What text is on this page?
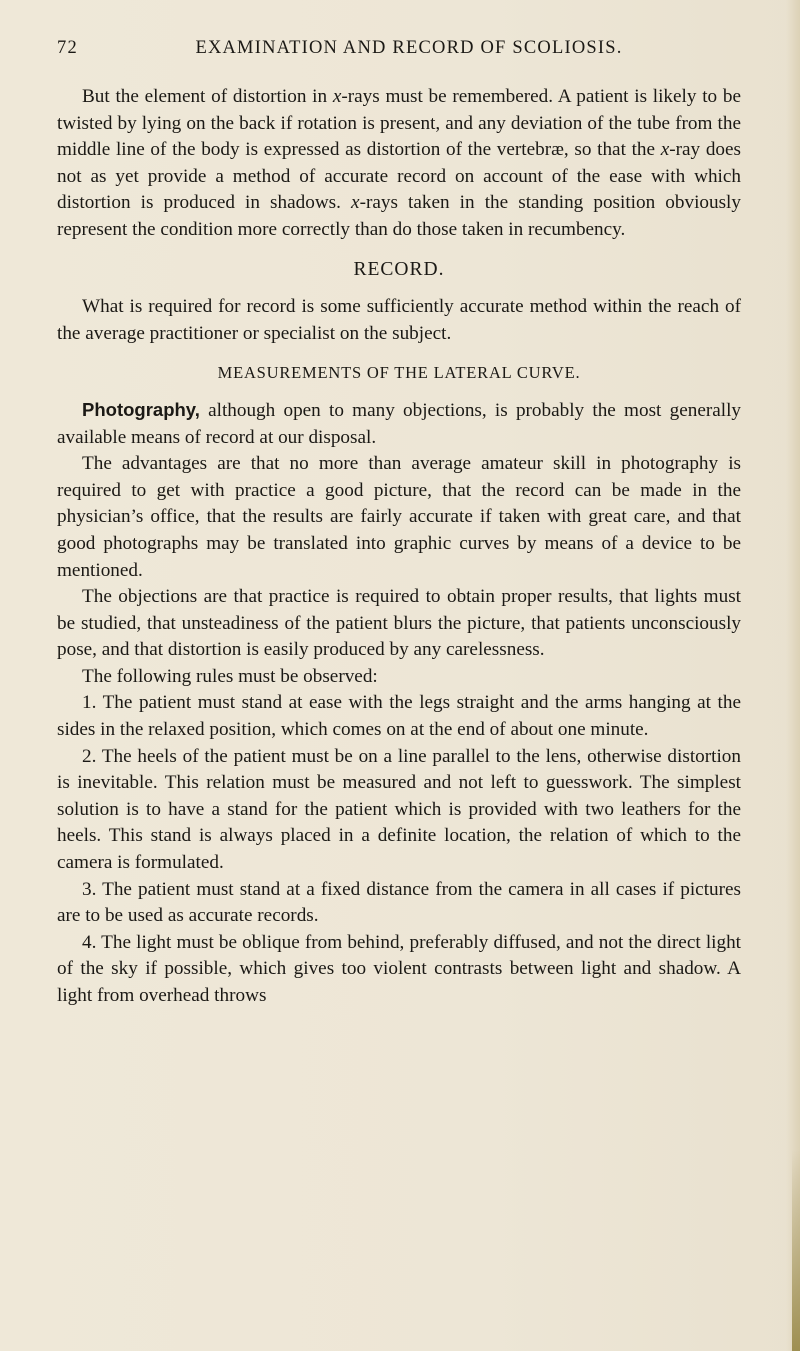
72	EXAMINATION AND RECORD OF SCOLIOSIS.

But the element of distortion in x-rays must be remembered. A patient is likely to be twisted by lying on the back if rotation is present, and any deviation of the tube from the middle line of the body is expressed as distortion of the vertebræ, so that the x-ray does not as yet provide a method of accurate record on account of the ease with which distortion is produced in shadows. x-rays taken in the standing position obviously represent the condition more correctly than do those taken in recumbency.

RECORD.

What is required for record is some sufficiently accurate method within the reach of the average practitioner or specialist on the subject.

MEASUREMENTS OF THE LATERAL CURVE.

Photography, although open to many objections, is probably the most generally available means of record at our disposal.

The advantages are that no more than average amateur skill in photography is required to get with practice a good picture, that the record can be made in the physician’s office, that the results are fairly accurate if taken with great care, and that good photographs may be translated into graphic curves by means of a device to be mentioned.

The objections are that practice is required to obtain proper results, that lights must be studied, that unsteadiness of the patient blurs the picture, that patients unconsciously pose, and that distortion is easily produced by any carelessness.

The following rules must be observed:

1. The patient must stand at ease with the legs straight and the arms hanging at the sides in the relaxed position, which comes on at the end of about one minute.

2. The heels of the patient must be on a line parallel to the lens, otherwise distortion is inevitable. This relation must be measured and not left to guesswork. The simplest solution is to have a stand for the patient which is provided with two leathers for the heels. This stand is always placed in a definite location, the relation of which to the camera is formulated.

3. The patient must stand at a fixed distance from the camera in all cases if pictures are to be used as accurate records.

4. The light must be oblique from behind, preferably diffused, and not the direct light of the sky if possible, which gives too violent contrasts between light and shadow. A light from overhead throws
